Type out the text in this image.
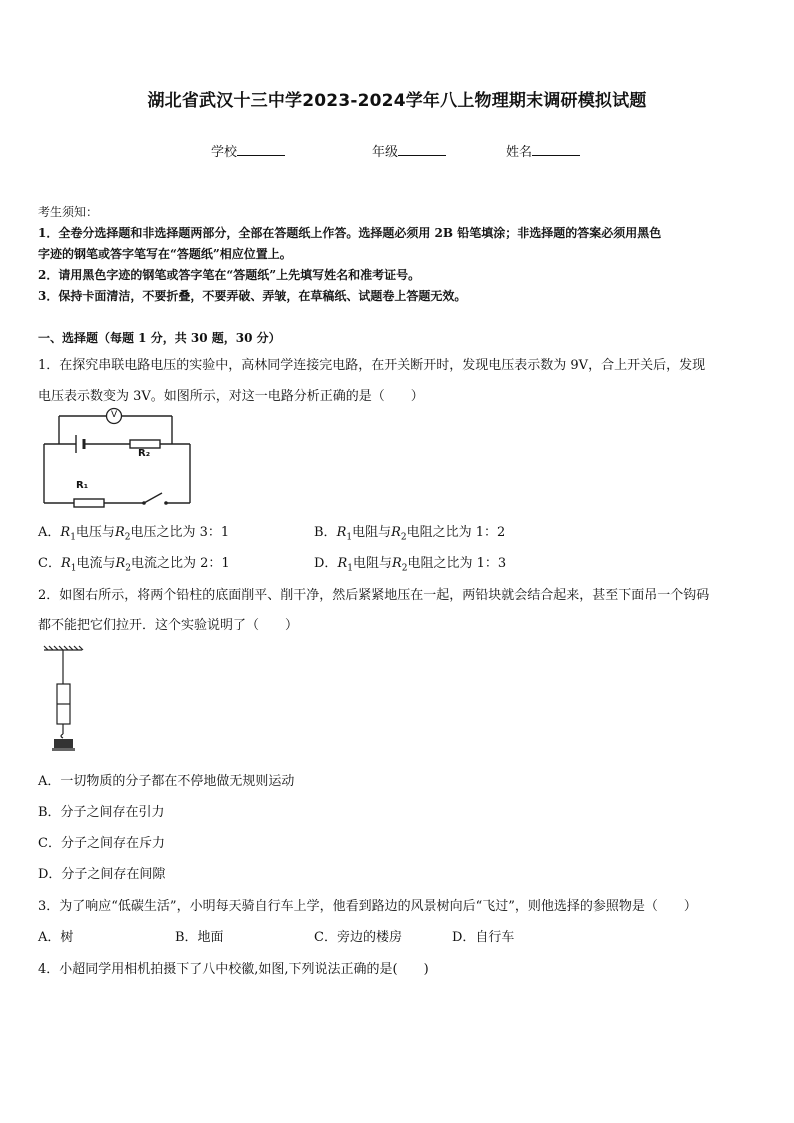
湖北省武汉十三中学2023-2024学年八上物理期末调研模拟试题
学校	年级	姓名
考生须知：
1．全卷分选择题和非选择题两部分，全部在答题纸上作答。选择题必须用 2B 铅笔填涂；非选择题的答案必须用黑色
字迹的钢笔或答字笔写在“答题纸”相应位置上。
2．请用黑色字迹的钢笔或答字笔在“答题纸”上先填写姓名和准考证号。
3．保持卡面清洁，不要折叠，不要弄破、弄皱，在草稿纸、试题卷上答题无效。
一、选择题（每题 1 分，共 30 题，30 分）
1．在探究串联电路电压的实验中，高林同学连接完电路，在开关断开时，发现电压表示数为 9V，合上开关后，发现
电压表示数变为 3V。如图所示，对这一电路分析正确的是（　　）
V
R₂
R₁
A．$R_1$电压与$R_2$电压之比为 3：1	B．$R_1$电阻与$R_2$电阻之比为 1：2
C．$R_1$电流与$R_2$电流之比为 2：1	D．$R_1$电阻与$R_2$电阻之比为 1：3
2．如图右所示，将两个铅柱的底面削平、削干净，然后紧紧地压在一起，两铅块就会结合起来，甚至下面吊一个钩码
都不能把它们拉开．这个实验说明了（　　）
A．一切物质的分子都在不停地做无规则运动
B．分子之间存在引力
C．分子之间存在斥力
D．分子之间存在间隙
3．为了响应“低碳生活”，小明每天骑自行车上学，他看到路边的风景树向后“飞过”，则他选择的参照物是（　　）
A．树	B．地面	C．旁边的楼房	D．自行车
4．小超同学用相机拍摄下了八中校徽,如图,下列说法正确的是(　　)
